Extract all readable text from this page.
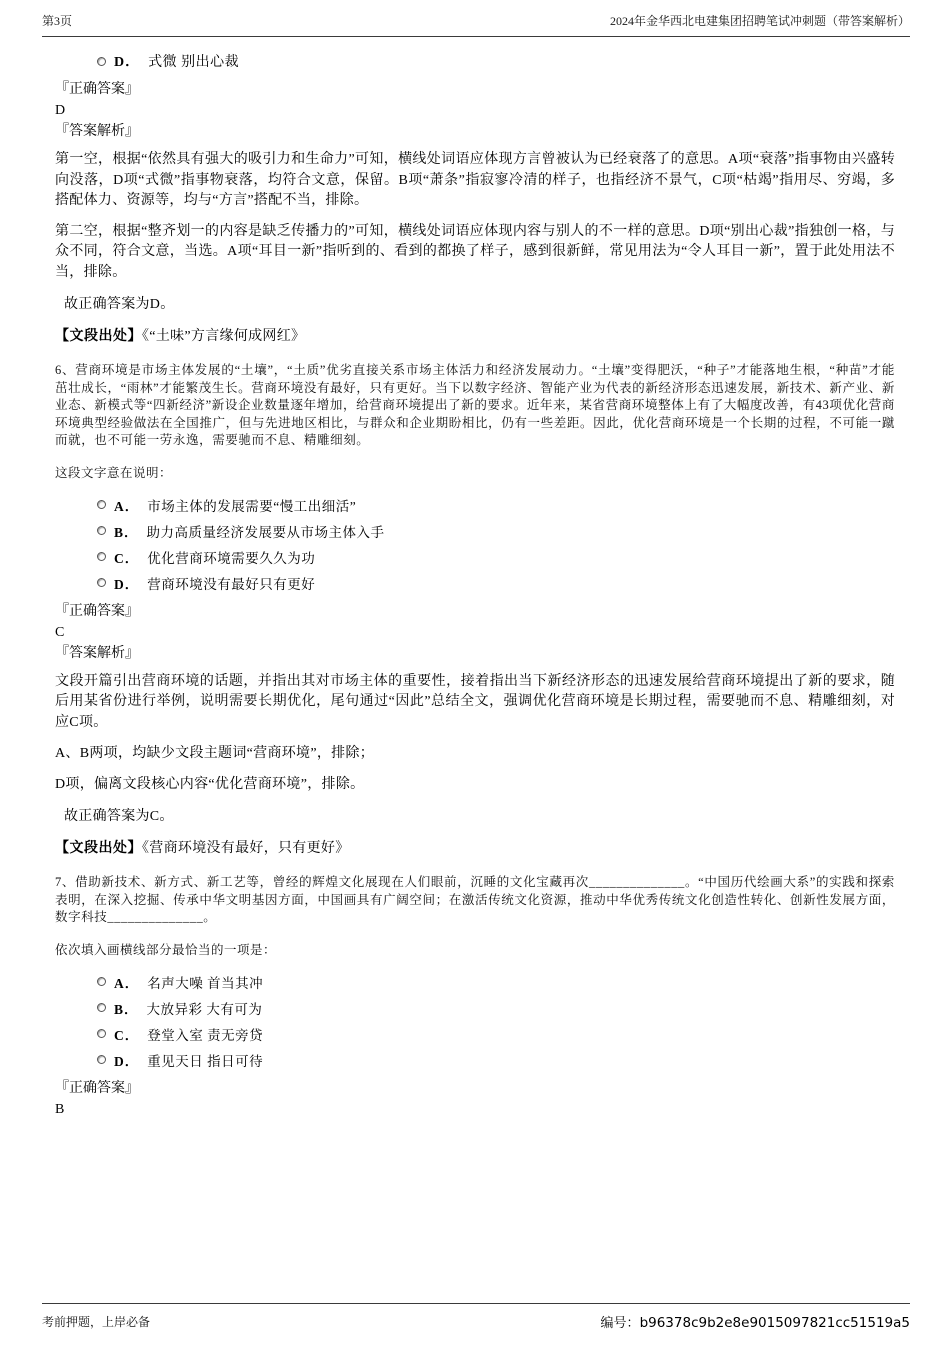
第3页	2024年金华西北电建集团招聘笔试冲刺题（带答案解析）
D． 式微 别出心裁

『正确答案』

D

『答案解析』

第一空，根据“依然具有强大的吸引力和生命力”可知，横线处词语应体现方言曾被认为已经衰落了的意思。A项“衰落”指事物由兴盛转向没落，D项“式微”指事物衰落，均符合文意，保留。B项“萧条”指寂寥冷清的样子，也指经济不景气，C项“枯竭”指用尽、穷竭，多搭配体力、资源等，均与“方言”搭配不当，排除。

第二空，根据“整齐划一的内容是缺乏传播力的”可知，横线处词语应体现内容与别人的不一样的意思。D项“别出心裁”指独创一格，与众不同，符合文意，当选。A项“耳目一新”指听到的、看到的都换了样子，感到很新鲜，常见用法为“令人耳目一新”，置于此处用法不当，排除。

故正确答案为D。

【文段出处】《“土味”方言缘何成网红》

6、营商环境是市场主体发展的“土壤”，“土质”优劣直接关系市场主体活力和经济发展动力。“土壤”变得肥沃，“种子”才能落地生根，“种苗”才能茁壮成长，“雨林”才能繁茂生长。营商环境没有最好，只有更好。当下以数字经济、智能产业为代表的新经济形态迅速发展，新技术、新产业、新业态、新模式等“四新经济”新设企业数量逐年增加，给营商环境提出了新的要求。近年来，某省营商环境整体上有了大幅度改善，有43项优化营商环境典型经验做法在全国推广，但与先进地区相比，与群众和企业期盼相比，仍有一些差距。因此，优化营商环境是一个长期的过程，不可能一蹴而就，也不可能一劳永逸，需要驰而不息、精雕细刻。

这段文字意在说明：

A． 市场主体的发展需要“慢工出细活”
B． 助力高质量经济发展要从市场主体入手
C． 优化营商环境需要久久为功
D． 营商环境没有最好只有更好

『正确答案』

C

『答案解析』

文段开篇引出营商环境的话题，并指出其对市场主体的重要性，接着指出当下新经济形态的迅速发展给营商环境提出了新的要求，随后用某省份进行举例，说明需要长期优化，尾句通过“因此”总结全文，强调优化营商环境是长期过程，需要驰而不息、精雕细刻，对应C项。

A、B两项，均缺少文段主题词“营商环境”，排除；

D项，偏离文段核心内容“优化营商环境”，排除。

故正确答案为C。

【文段出处】《营商环境没有最好，只有更好》

7、借助新技术、新方式、新工艺等，曾经的辉煌文化展现在人们眼前，沉睡的文化宝藏再次______________。“中国历代绘画大系”的实践和探索表明，在深入挖掘、传承中华文明基因方面，中国画具有广阔空间；在激活传统文化资源，推动中华优秀传统文化创造性转化、创新性发展方面，数字科技______________。

依次填入画横线部分最恰当的一项是：

A． 名声大噪 首当其冲
B． 大放异彩 大有可为
C． 登堂入室 责无旁贷
D． 重见天日 指日可待

『正确答案』

B

考前押题，上岸必备	编号：b96378c9b2e8e9015097821cc51519a5
